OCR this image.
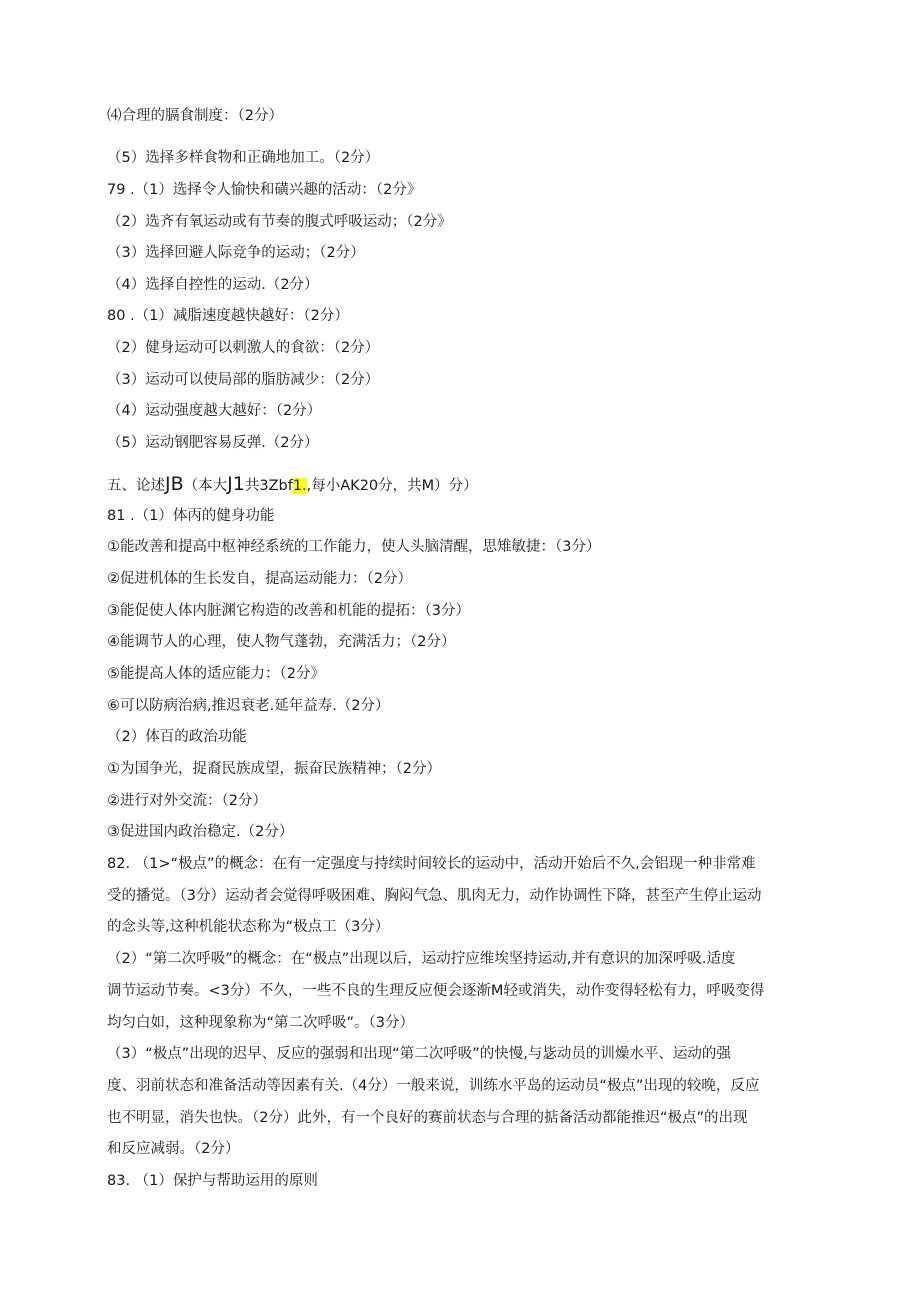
⑷合理的膈食制度：（2分）
（5）选择多样食物和正确地加工。（2分）
79 .（1）选择令人愉快和磺兴趣的活动：（2分》
（2）选齐有氧运动或有节奏的腹式呼吸运动；（2分》
（3）选择回避人际竞争的运动；（2分）
（4）选择自控性的运动.（2分）
80 .（1）减脂速度越快越好：（2分）
（2）健身运动可以刺激人的食欲：（2分）
（3）运动可以使局部的脂肪减少：（2分）
（4）运动强度越大越好：（2分）
（5）运动钢肥容易反弹.（2分）
五、论述JB（本大J1共3Zbf1.,每小AK20分，共M）分）
81 .（1）体丙的健身功能
①能改善和提高中枢神经系统的工作能力，使人头脑清醒，思雉敏捷：（3分）
②促进机体的生长发自，提高运动能力：（2分）
③能促使人体内脏渊它构造的改善和机能的提拓：（3分）
④能调节人的心理，使人物气蓬勃，充满活力；（2分）
⑤能提高人体的适应能力：（2分》
⑥可以防病治病,推迟衰老.延年益寿.（2分）
（2）体百的政治功能
①为国争光，捉裔民族成望，振奋民族精神；（2分）
②进行对外交流：（2分）
③促进国内政治稳定.（2分）
82. （1>“极点”的概念：在有一定强度与持续时间较长的运动中，活动开始后不久,会铝现一种非常难
受的播觉。（3分）运动者会觉得呼吸困难、胸闷气急、肌肉无力，动作协调性下降，甚至产生停止运动
的念头等,这种机能状态称为“极点工（3分）
（2）“第二次呼吸”的概念：在“极点”出现以后，运动拧应维埃坚持运动,并有意识的加深呼吸.适度
调节运动节奏。<3分）不久，一些不良的生理反应便会逐渐M轻或消失，动作变得轻松有力，呼吸变得
均匀白如，这种现象称为“第二次呼吸”。（3分）
（3）“极点”出现的迟早、反应的强弱和出现“第二次呼吸”的快慢,与毖动员的训燥水平、运动的强
度、羽前状态和准备活动等因素有关.（4分）一般来说，训练水平岛的运动员“极点”出现的较晚，反应
也不明显，消失也快。（2分）此外，有一个良好的赛前状态与合理的掂备活动都能推迟“极点”的出现
和反应减弱。（2分）
83. （1）保护与帮助运用的原则
